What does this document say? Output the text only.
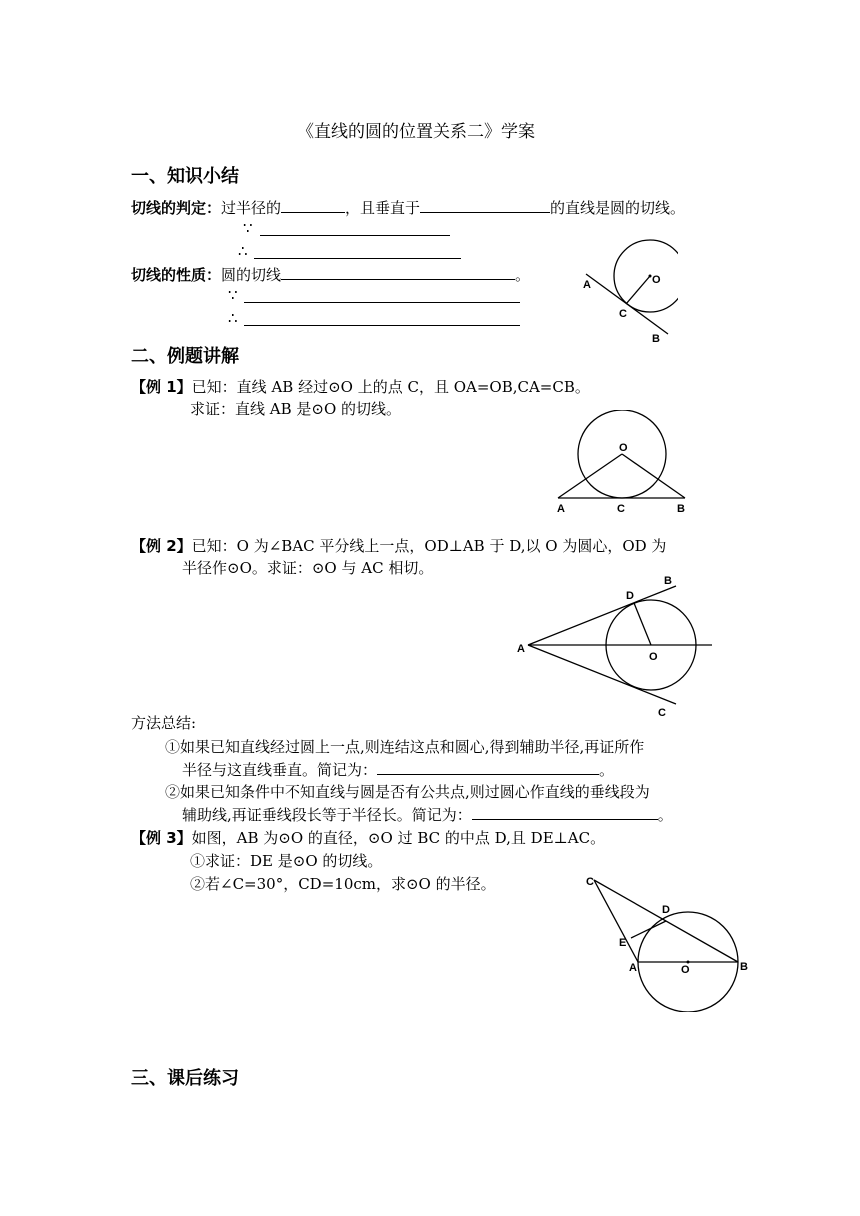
《直线的圆的位置关系二》学案
一、知识小结
切线的判定：过半径的	，且垂直于	的直线是圆的切线。
∵
∴
切线的性质：圆的切线	。
∵
∴
O
A
C
B
二、例题讲解
【例 1】已知：直线 AB 经过⊙O 上的点 C，且 OA=OB,CA=CB。
求证：直线 AB 是⊙O 的切线。
O
A	C	B
【例 2】已知：O 为∠BAC 平分线上一点，OD⊥AB 于 D,以 O 为圆心，OD 为
半径作⊙O。求证：⊙O 与 AC 相切。
A
D
B
O
C
方法总结:
①如果已知直线经过圆上一点,则连结这点和圆心,得到辅助半径,再证所作
半径与这直线垂直。简记为：	。
②如果已知条件中不知直线与圆是否有公共点,则过圆心作直线的垂线段为
辅助线,再证垂线段长等于半径长。简记为：	。
【例 3】如图，AB 为⊙O 的直径，⊙O 过 BC 的中点 D,且 DE⊥AC。
①求证：DE 是⊙O 的切线。
②若∠C=30°，CD=10cm，求⊙O 的半径。	C
D
E
A	O	B
三、课后练习
